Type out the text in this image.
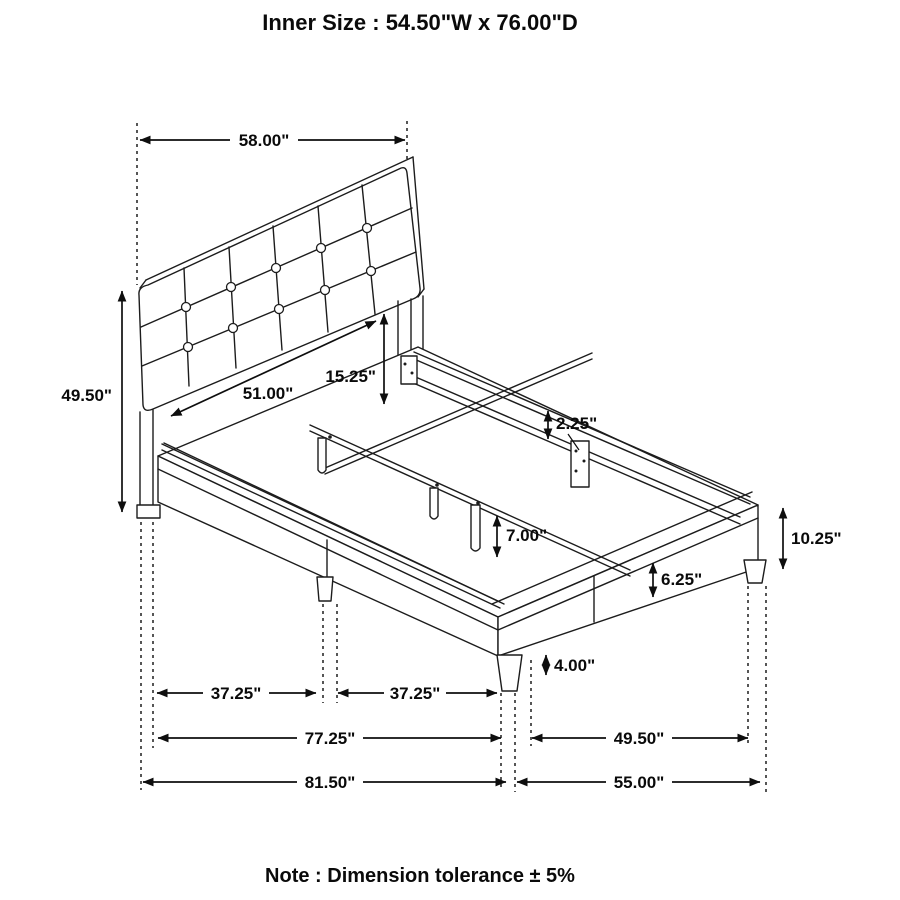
Inner Size : 54.50"W x 76.00"D
58.00"
49.50"	51.00"
15.25"
2.25"
7.00"	10.25"
6.25"
4.00"
37.25"	37.25"
77.25"
81.50"
49.50"
55.00"
Note : Dimension tolerance ± 5%
